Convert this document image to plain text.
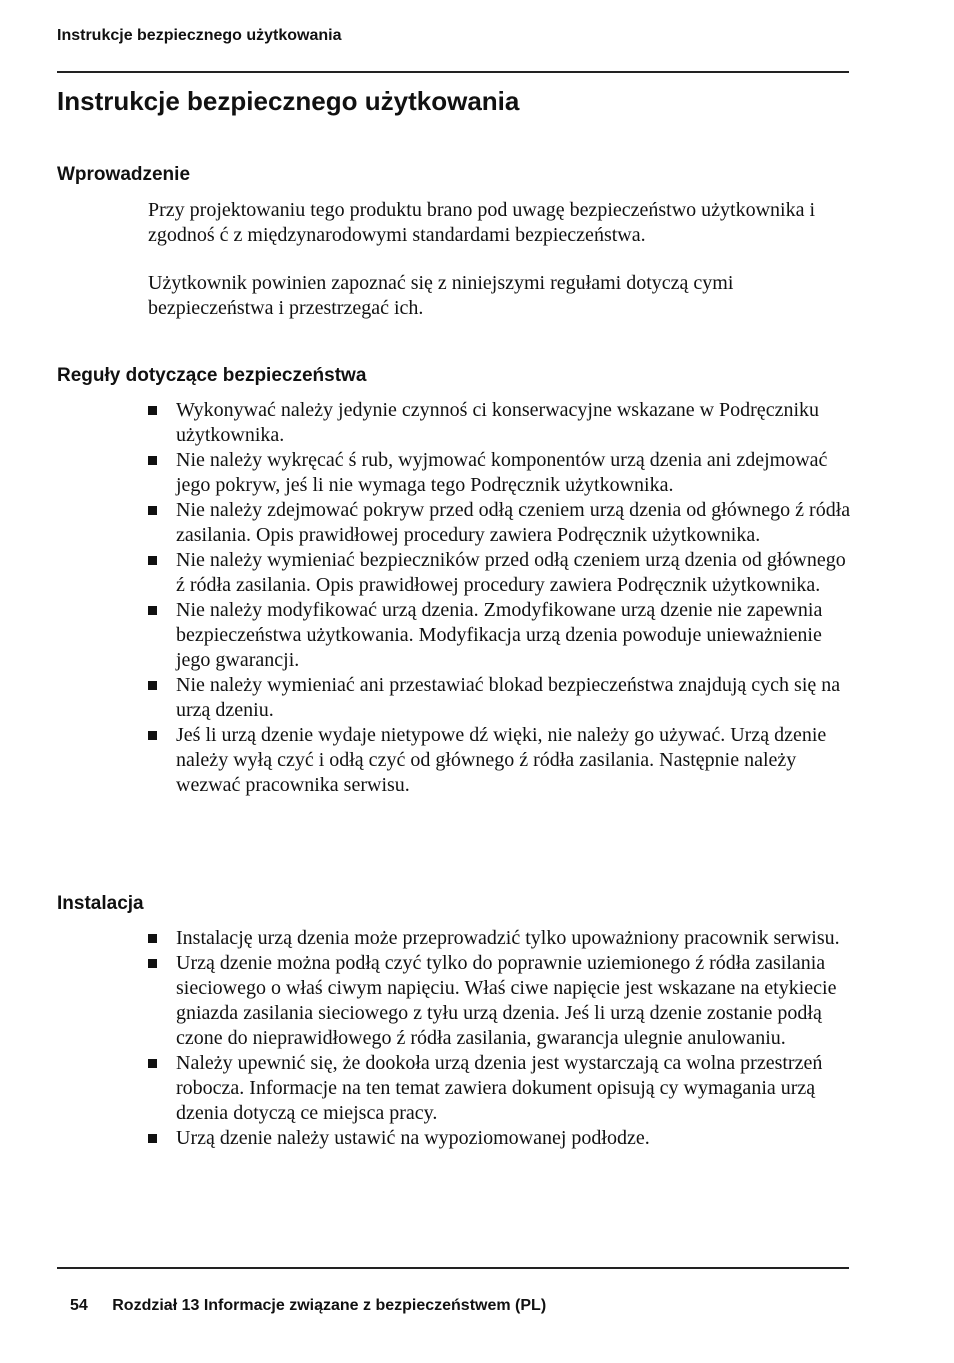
Instrukcje bezpiecznego użytkowania
Instrukcje bezpiecznego użytkowania
Wprowadzenie

Przy projektowaniu tego produktu brano pod uwagę bezpieczeństwo użytkownika i zgodnoś ć z międzynarodowymi standardami bezpieczeństwa.

Użytkownik powinien zapoznać się z niniejszymi regułami dotyczą cymi bezpieczeństwa i przestrzegać ich.

Reguły dotyczące bezpieczeństwa
Wykonywać należy jedynie czynnoś ci konserwacyjne wskazane w Podręczniku użytkownika.
Nie należy wykręcać ś rub, wyjmować komponentów urzą dzenia ani zdejmować jego pokryw, jeś li nie wymaga tego Podręcznik użytkownika.
Nie należy zdejmować pokryw przed odłą czeniem urzą dzenia od głównego ź ródła zasilania. Opis prawidłowej procedury zawiera Podręcznik użytkownika.
Nie należy wymieniać bezpieczników przed odłą czeniem urzą dzenia od głównego ź ródła zasilania. Opis prawidłowej procedury zawiera Podręcznik użytkownika.
Nie należy modyfikować urzą dzenia. Zmodyfikowane urzą dzenie nie zapewnia bezpieczeństwa użytkowania. Modyfikacja urzą dzenia powoduje unieważnienie jego gwarancji.
Nie należy wymieniać ani przestawiać blokad bezpieczeństwa znajdują cych się na urzą dzeniu.
Jeś li urzą dzenie wydaje nietypowe dź więki, nie należy go używać. Urzą dzenie należy wyłą czyć i odłą czyć od głównego ź ródła zasilania. Następnie należy wezwać pracownika serwisu.
Instalacja
Instalację urzą dzenia może przeprowadzić tylko upoważniony pracownik serwisu.
Urzą dzenie można podłą czyć tylko do poprawnie uziemionego ź ródła zasilania sieciowego o właś ciwym napięciu. Właś ciwe napięcie jest wskazane na etykiecie gniazda zasilania sieciowego z tyłu urzą dzenia. Jeś li urzą dzenie zostanie podłą czone do nieprawidłowego ź ródła zasilania, gwarancja ulegnie anulowaniu.
Należy upewnić się, że dookoła urzą dzenia jest wystarczają ca wolna przestrzeń robocza. Informacje na ten temat zawiera dokument opisują cy wymagania urzą dzenia dotyczą ce miejsca pracy.
Urzą dzenie należy ustawić na wypoziomowanej podłodze.
54 Rozdział 13 Informacje związane z bezpieczeństwem (PL)
